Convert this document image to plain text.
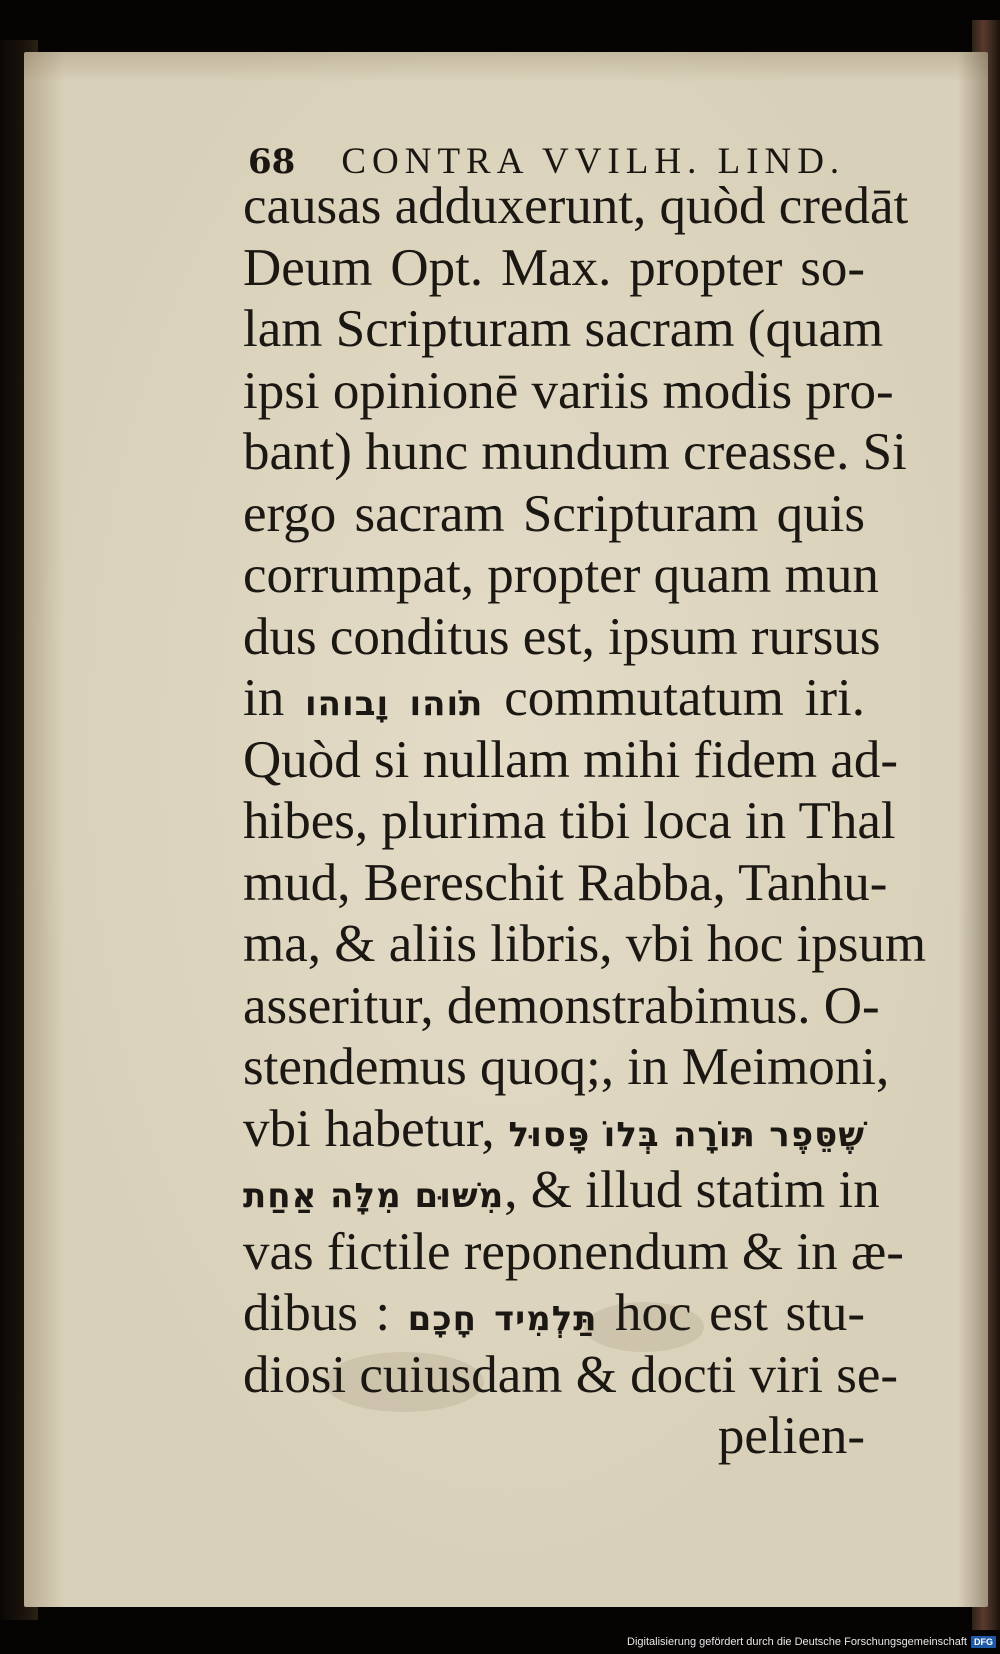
68 CONTRA VVILH. LIND.
causas adduxerunt, quòd credāt
Deum Opt. Max. propter so-
lam Scripturam sacram (quam
ipsi opinionē variis modis pro-
bant) hunc mundum creasse. Si
ergo sacram Scripturam quis
corrumpat, propter quam mun
dus conditus est, ipsum rursus
in תֹוהו וָבוהו commutatum iri.
Quòd si nullam mihi fidem ad-
hibes, plurima tibi loca in Thal
mud, Bereschit Rabba, Tanhu-
ma, & aliis libris, vbi hoc ipsum
asseritur, demonstrabimus. O-
stendemus quoq;, in Meimoni,
vbi habetur, שֶׁסֵּפֶר תּוֹרָה בְּלוֹ פָּסוּל
מִשּׁוּם מִלָּה אַחַת, & illud statim in
vas fictile reponendum & in æ-
dibus : תַּלְמִיד חָכָם hoc est stu-
diosi cuiusdam & docti viri se-
pelien-
Digitalisierung gefördert durch die Deutsche Forschungsgemeinschaft DFG
